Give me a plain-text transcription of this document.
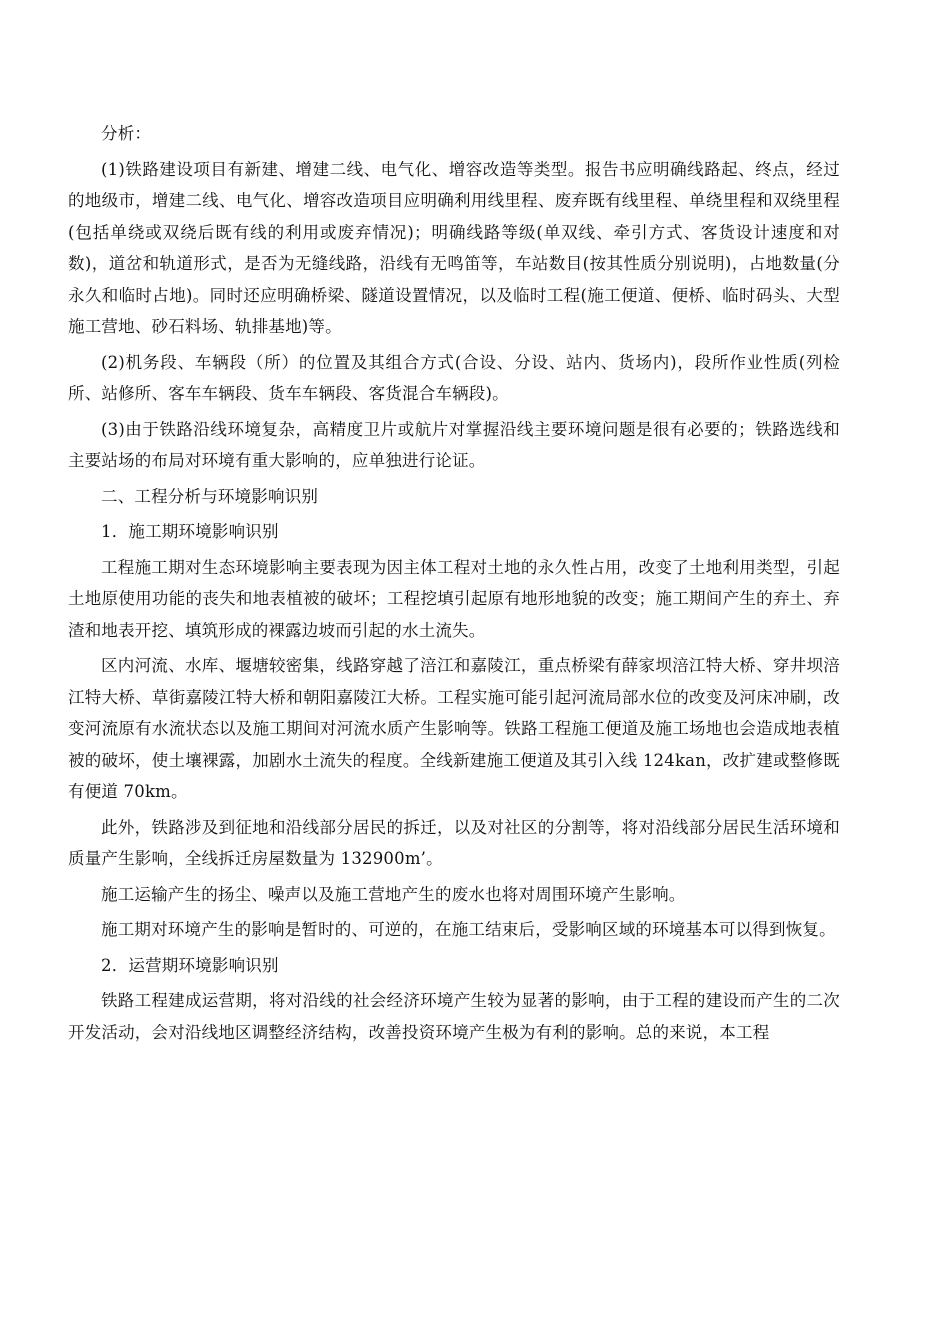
分析：

(1)铁路建设项目有新建、增建二线、电气化、增容改造等类型。报告书应明确线路起、终点，经过的地级市，增建二线、电气化、增容改造项目应明确利用线里程、废弃既有线里程、单绕里程和双绕里程(包括单绕或双绕后既有线的利用或废弃情况)；明确线路等级(单双线、牵引方式、客货设计速度和对数)，道岔和轨道形式，是否为无缝线路，沿线有无鸣笛等，车站数目(按其性质分别说明)，占地数量(分永久和临时占地)。同时还应明确桥梁、隧道设置情况，以及临时工程(施工便道、便桥、临时码头、大型施工营地、砂石料场、轨排基地)等。

(2)机务段、车辆段（所）的位置及其组合方式(合设、分设、站内、货场内)，段所作业性质(列检所、站修所、客车车辆段、货车车辆段、客货混合车辆段)。

(3)由于铁路沿线环境复杂，高精度卫片或航片对掌握沿线主要环境问题是很有必要的；铁路选线和主要站场的布局对环境有重大影响的，应单独进行论证。

二、工程分析与环境影响识别

1．施工期环境影响识别

工程施工期对生态环境影响主要表现为因主体工程对土地的永久性占用，改变了土地利用类型，引起土地原使用功能的丧失和地表植被的破坏；工程挖填引起原有地形地貌的改变；施工期间产生的弃土、弃渣和地表开挖、填筑形成的裸露边坡而引起的水土流失。

区内河流、水库、堰塘较密集，线路穿越了涪江和嘉陵江，重点桥梁有薛家坝涪江特大桥、穿井坝涪江特大桥、草街嘉陵江特大桥和朝阳嘉陵江大桥。工程实施可能引起河流局部水位的改变及河床冲刷，改变河流原有水流状态以及施工期间对河流水质产生影响等。铁路工程施工便道及施工场地也会造成地表植被的破坏，使土壤裸露，加剧水土流失的程度。全线新建施工便道及其引入线 124kan，改扩建或整修既有便道 70km。

此外，铁路涉及到征地和沿线部分居民的拆迁，以及对社区的分割等，将对沿线部分居民生活环境和质量产生影响，全线拆迁房屋数量为 132900m’。

施工运输产生的扬尘、噪声以及施工营地产生的废水也将对周围环境产生影响。

施工期对环境产生的影响是暂时的、可逆的，在施工结束后，受影响区域的环境基本可以得到恢复。

2．运营期环境影响识别

铁路工程建成运营期，将对沿线的社会经济环境产生较为显著的影响，由于工程的建设而产生的二次开发活动，会对沿线地区调整经济结构，改善投资环境产生极为有利的影响。总的来说，本工程
